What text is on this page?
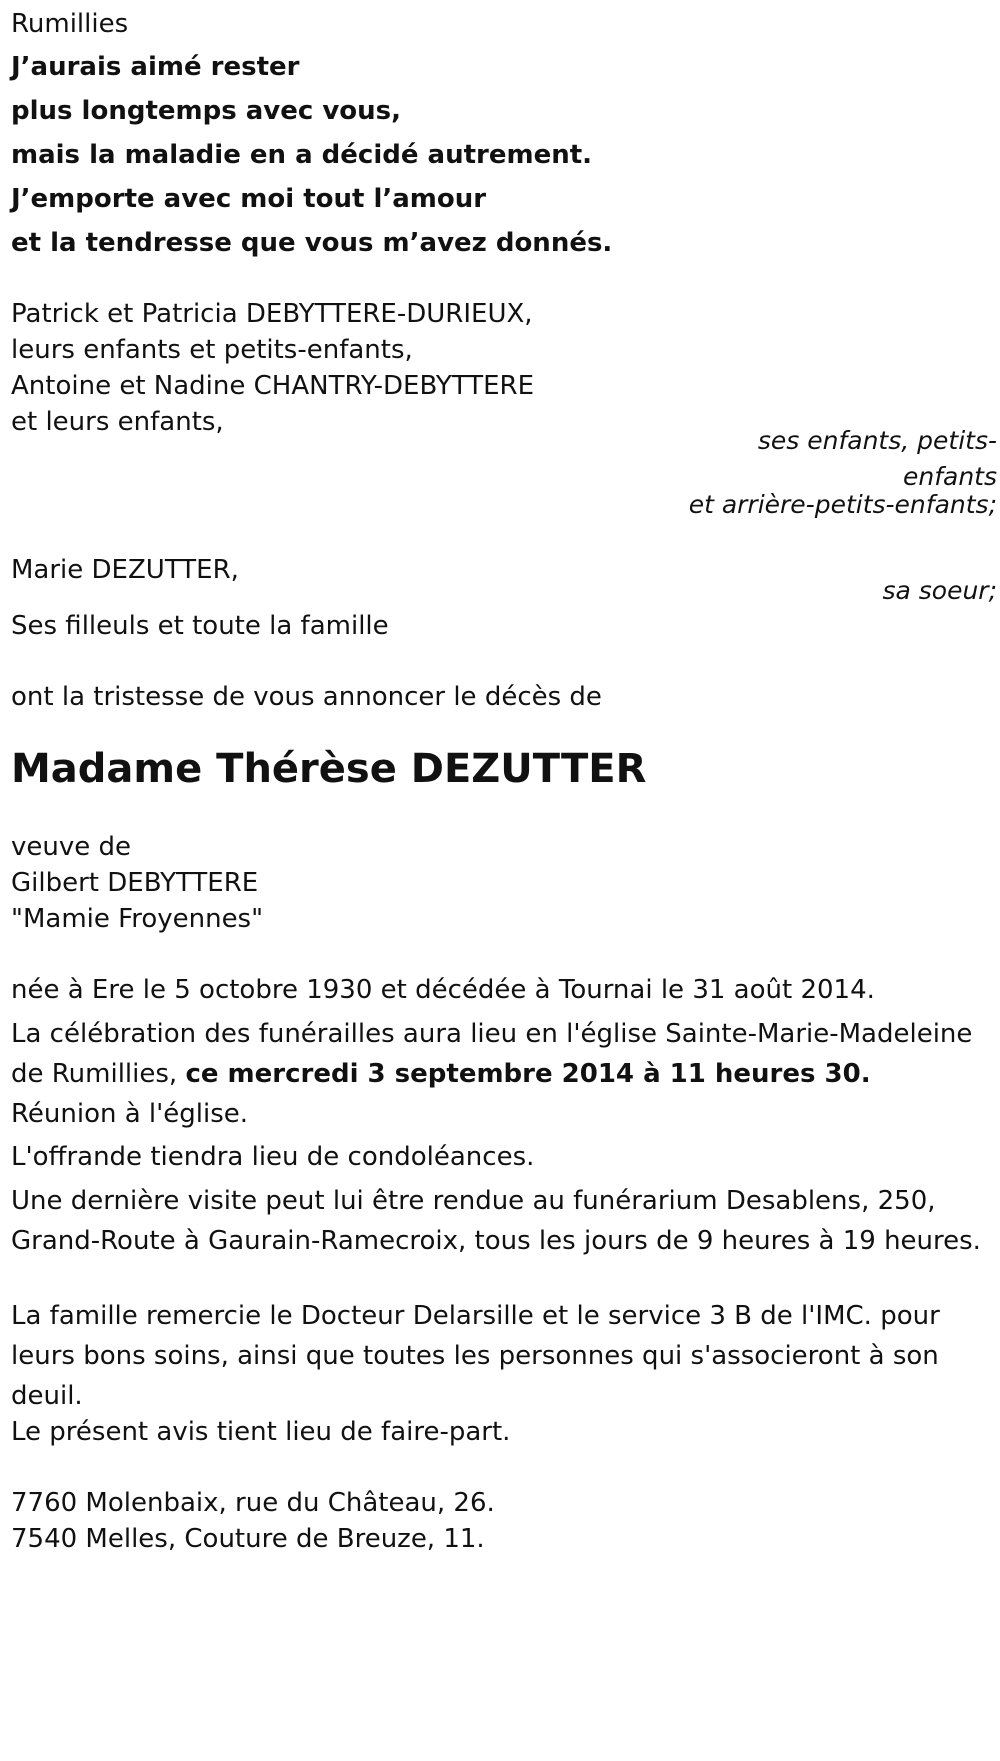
Rumillies
J’aurais aimé rester
plus longtemps avec vous,
mais la maladie en a décidé autrement.
J’emporte avec moi tout l’amour
et la tendresse que vous m’avez donnés.
Patrick et Patricia DEBYTTERE-DURIEUX,
leurs enfants et petits-enfants,
Antoine et Nadine CHANTRY-DEBYTTERE
et leurs enfants,
ses enfants, petits-enfants
et arrière-petits-enfants;
Marie DEZUTTER,
sa soeur;
Ses filleuls et toute la famille
ont la tristesse de vous annoncer le décès de
Madame Thérèse DEZUTTER
veuve de
Gilbert DEBYTTERE
"Mamie Froyennes"
née à Ere le 5 octobre 1930 et décédée à Tournai le 31 août 2014.
La célébration des funérailles aura lieu en l'église Sainte-Marie-Madeleine de Rumillies, ce mercredi 3 septembre 2014 à 11 heures 30.
Réunion à l'église.
L'offrande tiendra lieu de condoléances.
Une dernière visite peut lui être rendue au funérarium Desablens, 250, Grand-Route à Gaurain-Ramecroix, tous les jours de 9 heures à 19 heures.
La famille remercie le Docteur Delarsille et le service 3 B de l'IMC. pour leurs bons soins, ainsi que toutes les personnes qui s'associeront à son deuil.
Le présent avis tient lieu de faire-part.
7760 Molenbaix, rue du Château, 26.
7540 Melles, Couture de Breuze, 11.
